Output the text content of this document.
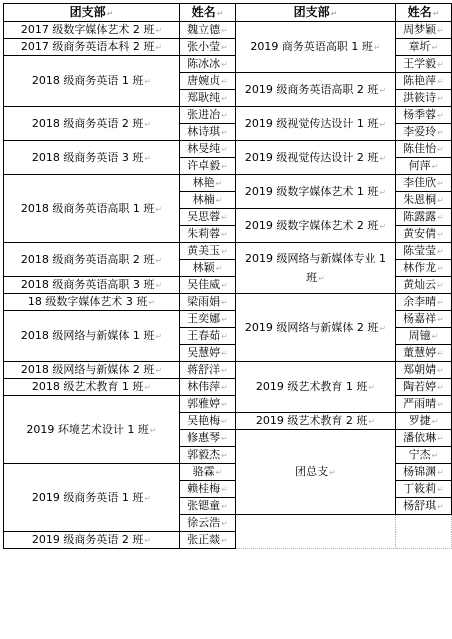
团支部↵	姓名↵	团支部↵	姓名↵
2017 级数字媒体艺术 2 班↵	魏立德↵	2019 商务英语高职 1 班↵	周梦颖↵
2017 级商务英语本科 2 班↵	张小莹↵		章圻↵
2018 级商务英语 1 班↵	陈冰冰↵		王学毅↵
	唐婉贞↵	2019 级商务英语高职 2 班↵	陈艳萍↵
	郑耿纯↵		洪筱诗↵
2018 级商务英语 2 班↵	张进冶↵	2019 级视觉传达设计 1 班↵	杨季蓉↵
	林诗琪↵		李爱玲↵
2018 级商务英语 3 班↵	林旻纯↵	2019 级视觉传达设计 2 班↵	陈佳怡↵
	许卓毅↵		何萍↵
2018 级商务英语高职 1 班↵	林艳↵	2019 级数字媒体艺术 1 班↵	李佳欣↵
	林楠↵		朱恩桐↵
	吴思蓉↵	2019 级数字媒体艺术 2 班↵	陈露露↵
	朱莉蓉↵		黄安倩↵
2018 级商务英语高职 2 班↵	黄美玉↵	2019 级网络与新媒体专业 1 班↵	陈莹莹↵
	林颖↵		林作龙↵
2018 级商务英语高职 3 班↵	吴佳威↵		黄灿云↵
18 级数字媒体艺术 3 班↵	梁雨娟↵	2019 级网络与新媒体 2 班↵	余李晴↵
2018 级网络与新媒体 1 班↵	王奕娜↵		杨嘉祥↵
	王春茹↵		周镱↵
	吴慧婷↵		董慧婷↵
2018 级网络与新媒体 2 班↵	蒋舒洋↵	2019 级艺术教育 1 班↵	郑朝婧↵
2018 级艺术教育 1 班↵	林伟萍↵		陶若婷↵
2019 环境艺术设计 1 班↵	郭雅婷↵		严雨晴↵
	吴艳梅↵	2019 级艺术教育 2 班↵	罗捷↵
	修惠琴↵	团总支↵	潘依琳↵
	郭毅杰↵		宁杰↵
2019 级商务英语 1 班↵	骆霖↵		杨锦渊↵
	赖桂梅↵		丁筱莉↵
	张锶童↵		杨舒琪↵
	徐云浩↵		
2019 级商务英语 2 班↵	张正燚↵		
